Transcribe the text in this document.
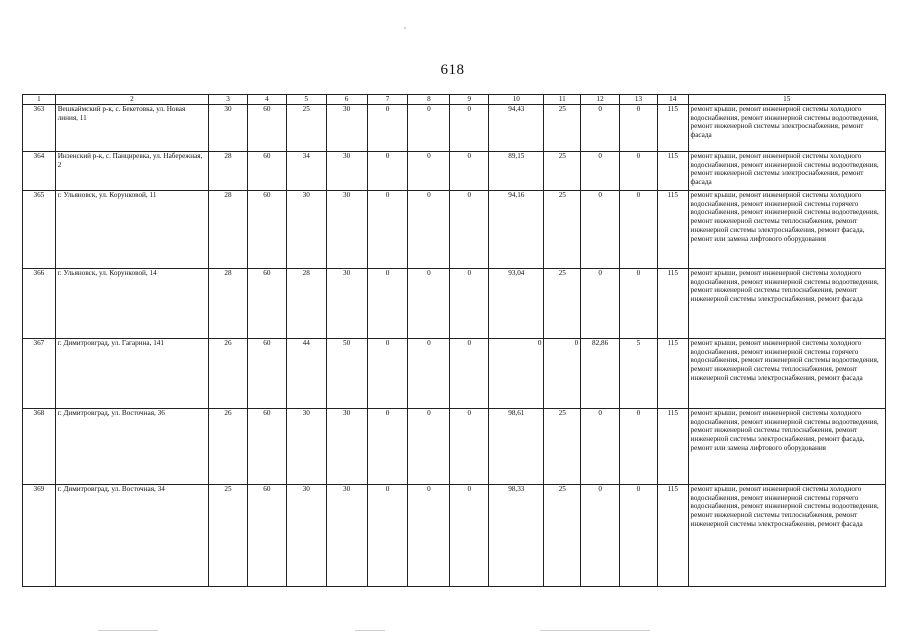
618
1	2	3	4	5	6	7	8	9	10	11	12	13	14	15
363	Вешкаймский р-к, с. Бекетовка, ул. Новая линия, 11	30	60	25	30	0	0	0	94,43	25	0	0	115	ремонт крыши, ремонт инженерной системы холодного водоснабжения, ремонт инженерной системы водоотведения, ремонт инженерной системы электроснабжения, ремонт фасада
364	Инзенский р-к, с. Панциревка, ул. Набережная, 2	28	60	34	30	0	0	0	89,15	25	0	0	115	ремонт крыши, ремонт инженерной системы холодного водоснабжения, ремонт инженерной системы водоотведения, ремонт инженерной системы электроснабжения, ремонт фасада
365	г. Ульяновск, ул. Корунковой, 11	28	60	30	30	0	0	0	94,16	25	0	0	115	ремонт крыши, ремонт инженерной системы холодного водоснабжения, ремонт инженерной системы горячего водоснабжения, ремонт инженерной системы водоотведения, ремонт инженерной системы теплоснабжения, ремонт инженерной системы электроснабжения, ремонт фасада, ремонт или замена лифтового оборудования
366	г. Ульяновск, ул. Корунковой, 14	28	60	28	30	0	0	0	93,04	25	0	0	115	ремонт крыши, ремонт инженерной системы холодного водоснабжения, ремонт инженерной системы водоотведения, ремонт инженерной системы теплоснабжения, ремонт инженерной системы электроснабжения, ремонт фасада
367	г. Димитровград, ул. Гагарина, 141	26	60	44	50	0	0	0	0	0	82,86	5	115	ремонт крыши, ремонт инженерной системы холодного водоснабжения, ремонт инженерной системы горячего водоснабжения, ремонт инженерной системы водоотведения, ремонт инженерной системы теплоснабжения, ремонт инженерной системы электроснабжения, ремонт фасада
368	г. Димитровград, ул. Восточная, 36	26	60	30	30	0	0	0	98,61	25	0	0	115	ремонт крыши, ремонт инженерной системы холодного водоснабжения, ремонт инженерной системы водоотведения, ремонт инженерной системы теплоснабжения, ремонт инженерной системы электроснабжения, ремонт фасада, ремонт или замена лифтового оборудования
369	г. Димитровград, ул. Восточная, 34	25	60	30	30	0	0	0	98,33	25	0	0	115	ремонт крыши, ремонт инженерной системы холодного водоснабжения, ремонт инженерной системы горячего водоснабжения, ремонт инженерной системы водоотведения, ремонт инженерной системы теплоснабжения, ремонт инженерной системы электроснабжения, ремонт фасада
